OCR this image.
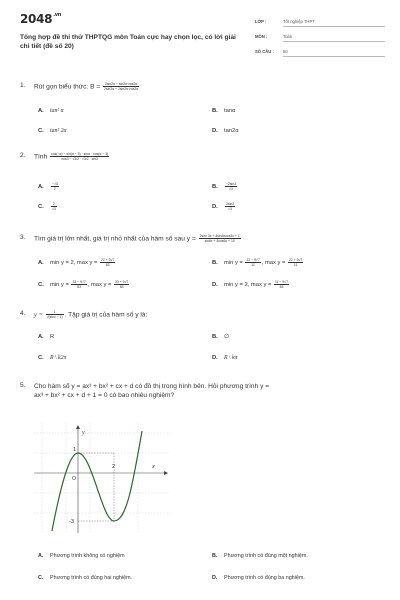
$2048^{.vn}$
Tổng hợp đề thi thử THPTQG môn Toán cực hay chọn lọc, có lời giải chi tiết (đề số 20)
LỚP :	Tốt nghiệp THPT
MÔN :	Toán
SỐ CÂU : 50
1. Rút gọn biểu thức: $B = \frac{2\sin 2\alpha - \sin 2\alpha\cdot\cos 2\alpha}{2\sin 2\alpha + 2\sin 2\alpha\cdot\cos 2\alpha}$
A. tan² α	B. tanα
C. tan² 2α	D. tan2α
2. Tính $\frac{\cos(-\alpha) - \sin(\alpha - 3) \cdot \sin\alpha \cdot \cos(\alpha - 3)}{\cos 3 - √3/2 \cdot √3/2 \cdot \sin 3}$
A. $\frac{-√3}{2}$	B. $\frac{-2\sin 3}{√3}$
C. $\frac{2}{√3}$	D. $\frac{2\sin 3}{√3}$
3. Tìm giá trị lớn nhất, giá trị nhỏ nhất của hàm số sau $y = \frac{\text{2sin² 3x + 4sin3xcos3x + 1}}{\sin 6x + 4\cos 6x + 10}$
A. min y = 2, $\max y = \frac{22 + 9√7}{83}$	B. $\min y = \frac{22 - 9√7}{11}$ , $\max y = \frac{22 + 9√7}{11}$
C. $\min y = \frac{33 - 9√7}{83}$ , $\max y = \frac{33 + 9√7}{83}$	D. min y = 2, $\max y = \frac{11 - 9√7}{83}$
4. $y = \frac{1}{√(\sin x - 1)}$ . Tập giá trị của hàm số y là:
A. R	B. ∅
C. R \ k2π	D. R \ kπ
5. Cho hàm số y = ax³ + bx² + cx + d có đồ thị trong hình bên. Hỏi phương trình y =
ax³ + bx² + cx + d + 1 = 0 có bao nhiêu nghiệm?
y
x
O
1
2
-3
A. Phương trình không có nghiệm	B. Phương trình có đúng một nghiệm.
C. Phương trình có đúng hai nghiệm.	D. Phương trình có đúng ba nghiệm.
